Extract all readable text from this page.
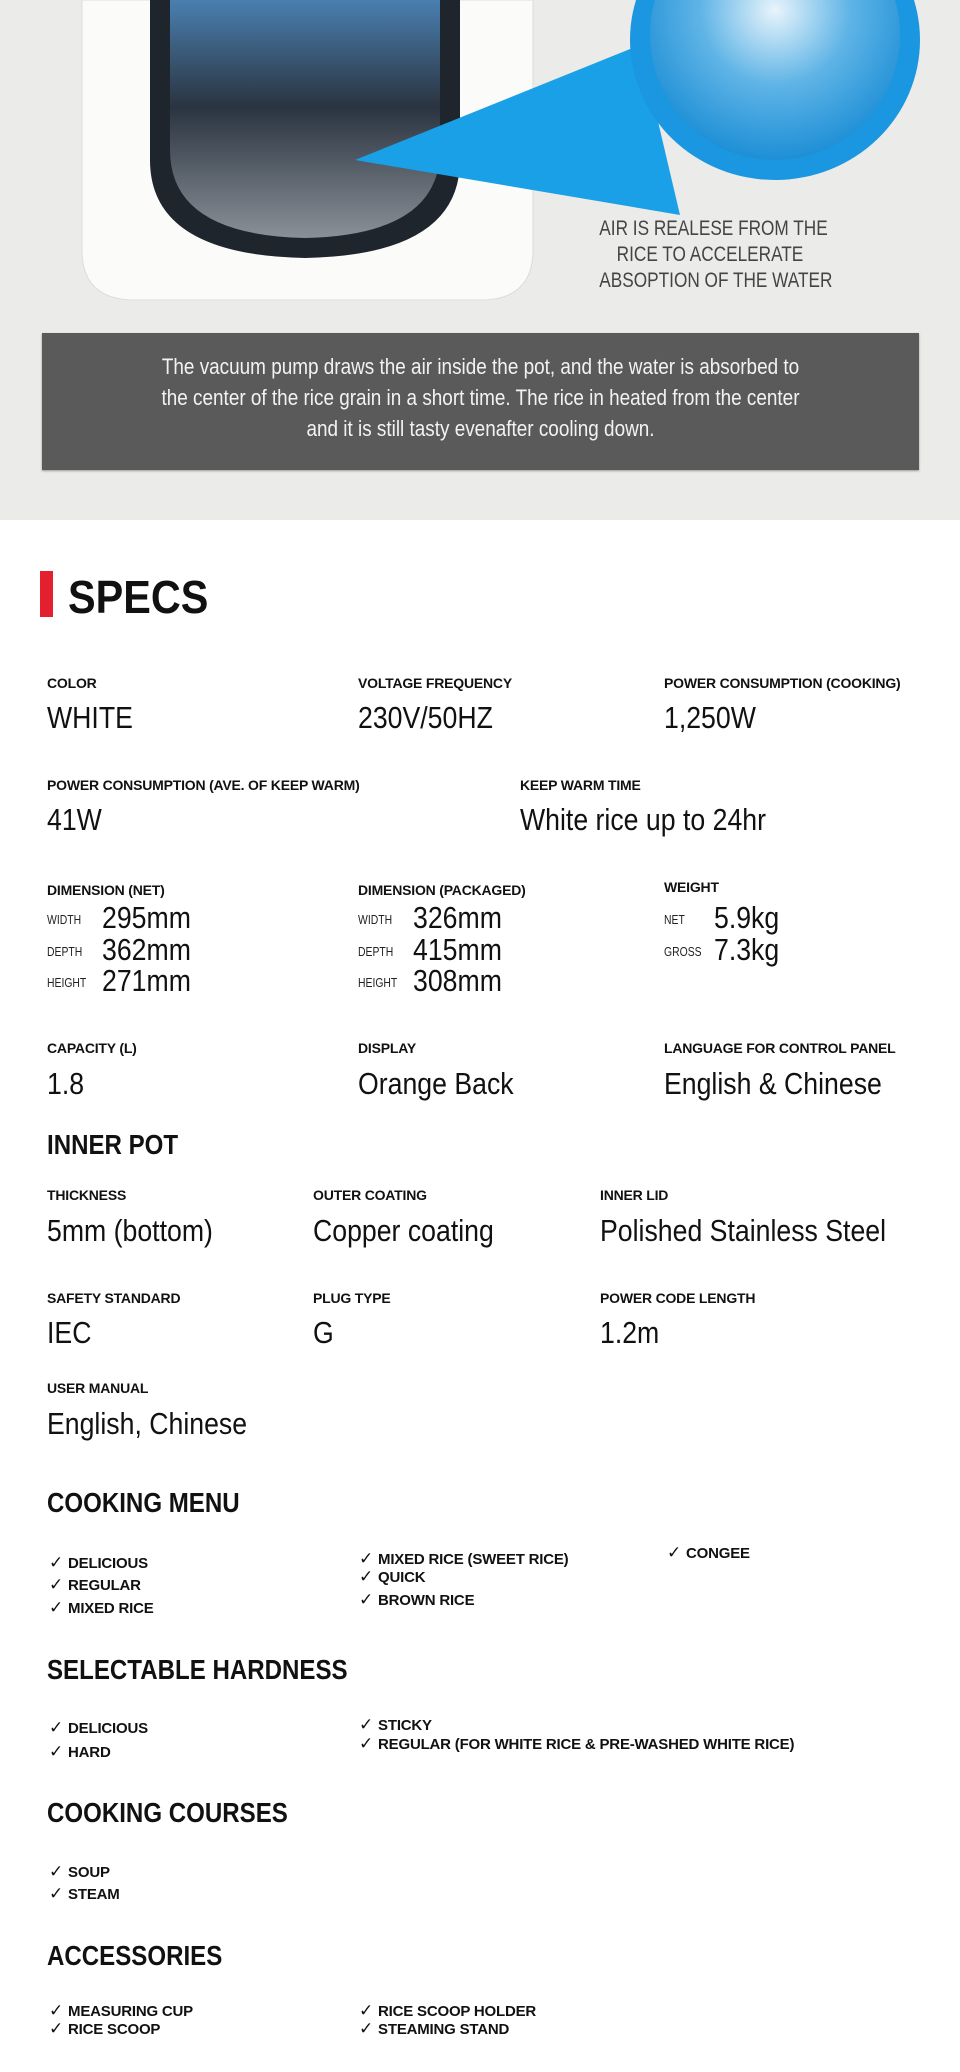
AIR IS REALESE FROM THE
RICE TO ACCELERATE
ABSOPTION OF THE WATER
The vacuum pump draws the air inside the pot, and the water is absorbed to
the center of the rice grain in a short time. The rice in heated from the center
and it is still tasty evenafter cooling down.
SPECS
COLOR
WHITE
VOLTAGE FREQUENCY
230V/50HZ
POWER CONSUMPTION (COOKING)
1,250W
POWER CONSUMPTION (AVE. OF KEEP WARM)
41W
KEEP WARM TIME
White rice up to 24hr
DIMENSION (NET)
WIDTH 295mm
DEPTH 362mm
HEIGHT 271mm
DIMENSION (PACKAGED)
WIDTH 326mm
DEPTH 415mm
HEIGHT 308mm
WEIGHT
NET 5.9kg
GROSS 7.3kg
CAPACITY (L)
1.8
DISPLAY
Orange Back
LANGUAGE FOR CONTROL PANEL
English & Chinese
INNER POT
THICKNESS
5mm (bottom)
OUTER COATING
Copper coating
INNER LID
Polished Stainless Steel
SAFETY STANDARD
IEC
PLUG TYPE
G
POWER CODE LENGTH
1.2m
USER MANUAL
English, Chinese
COOKING MENU
✓ DELICIOUS
✓ REGULAR
✓ MIXED RICE
✓ MIXED RICE (SWEET RICE)
✓ QUICK
✓ BROWN RICE
✓ CONGEE
SELECTABLE HARDNESS
✓ DELICIOUS
✓ HARD
✓ STICKY
✓ REGULAR (FOR WHITE RICE & PRE-WASHED WHITE RICE)
COOKING COURSES
✓ SOUP
✓ STEAM
ACCESSORIES
✓ MEASURING CUP
✓ RICE SCOOP
✓ RICE SCOOP HOLDER
✓ STEAMING STAND
